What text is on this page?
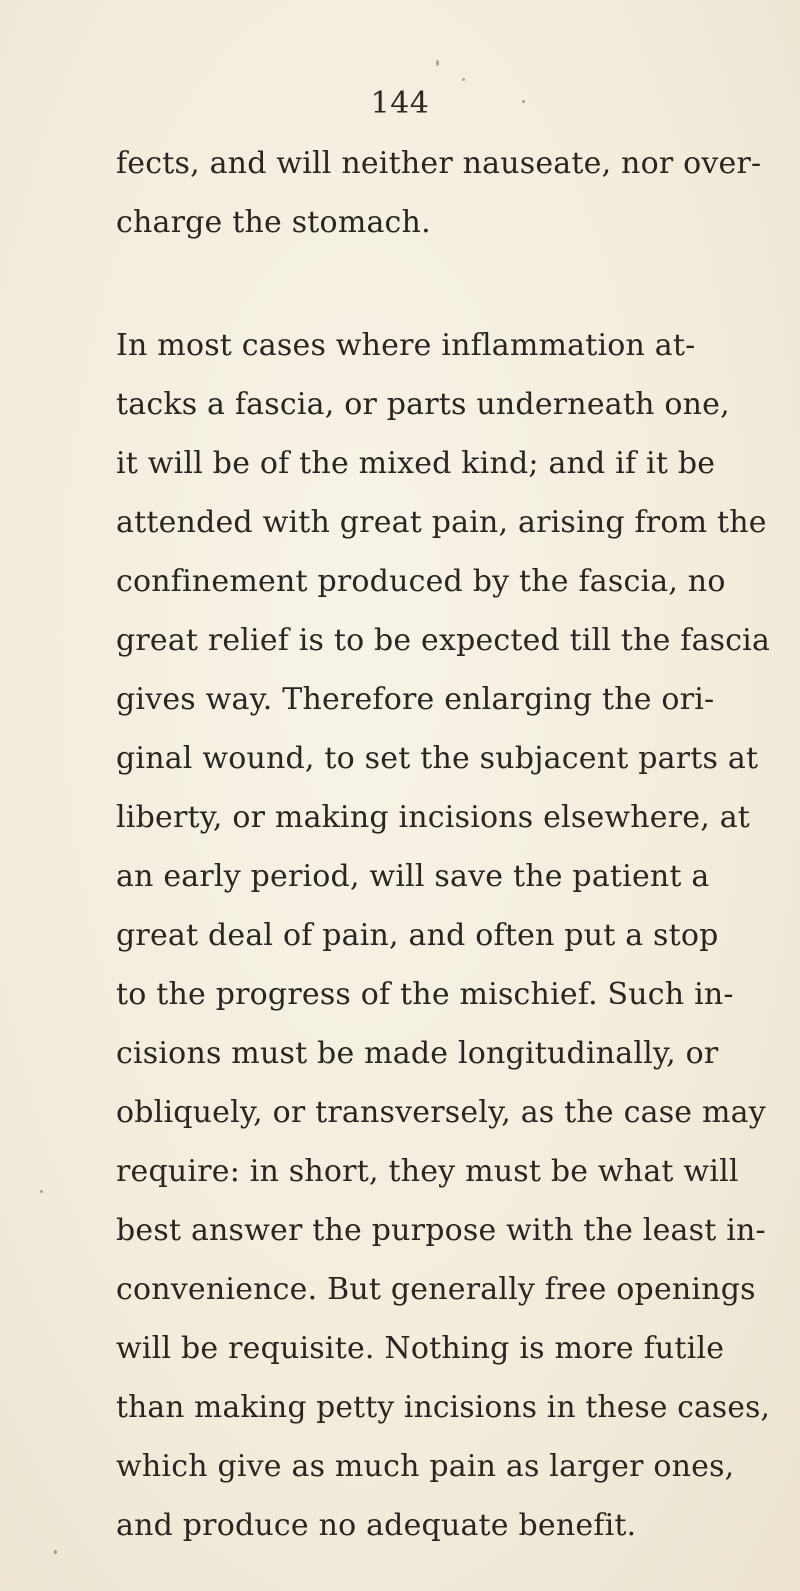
144
fects, and will neither nauseate, nor over-
charge the stomach.
In most cases where inflammation at-
tacks a fascia, or parts underneath one,
it will be of the mixed kind; and if it be
attended with great pain, arising from the
confinement produced by the fascia, no
great relief is to be expected till the fascia
gives way. Therefore enlarging the ori-
ginal wound, to set the subjacent parts at
liberty, or making incisions elsewhere, at
an early period, will save the patient a
great deal of pain, and often put a stop
to the progress of the mischief. Such in-
cisions must be made longitudinally, or
obliquely, or transversely, as the case may
require: in short, they must be what will
best answer the purpose with the least in-
convenience. But generally free openings
will be requisite. Nothing is more futile
than making petty incisions in these cases,
which give as much pain as larger ones,
and produce no adequate benefit.
